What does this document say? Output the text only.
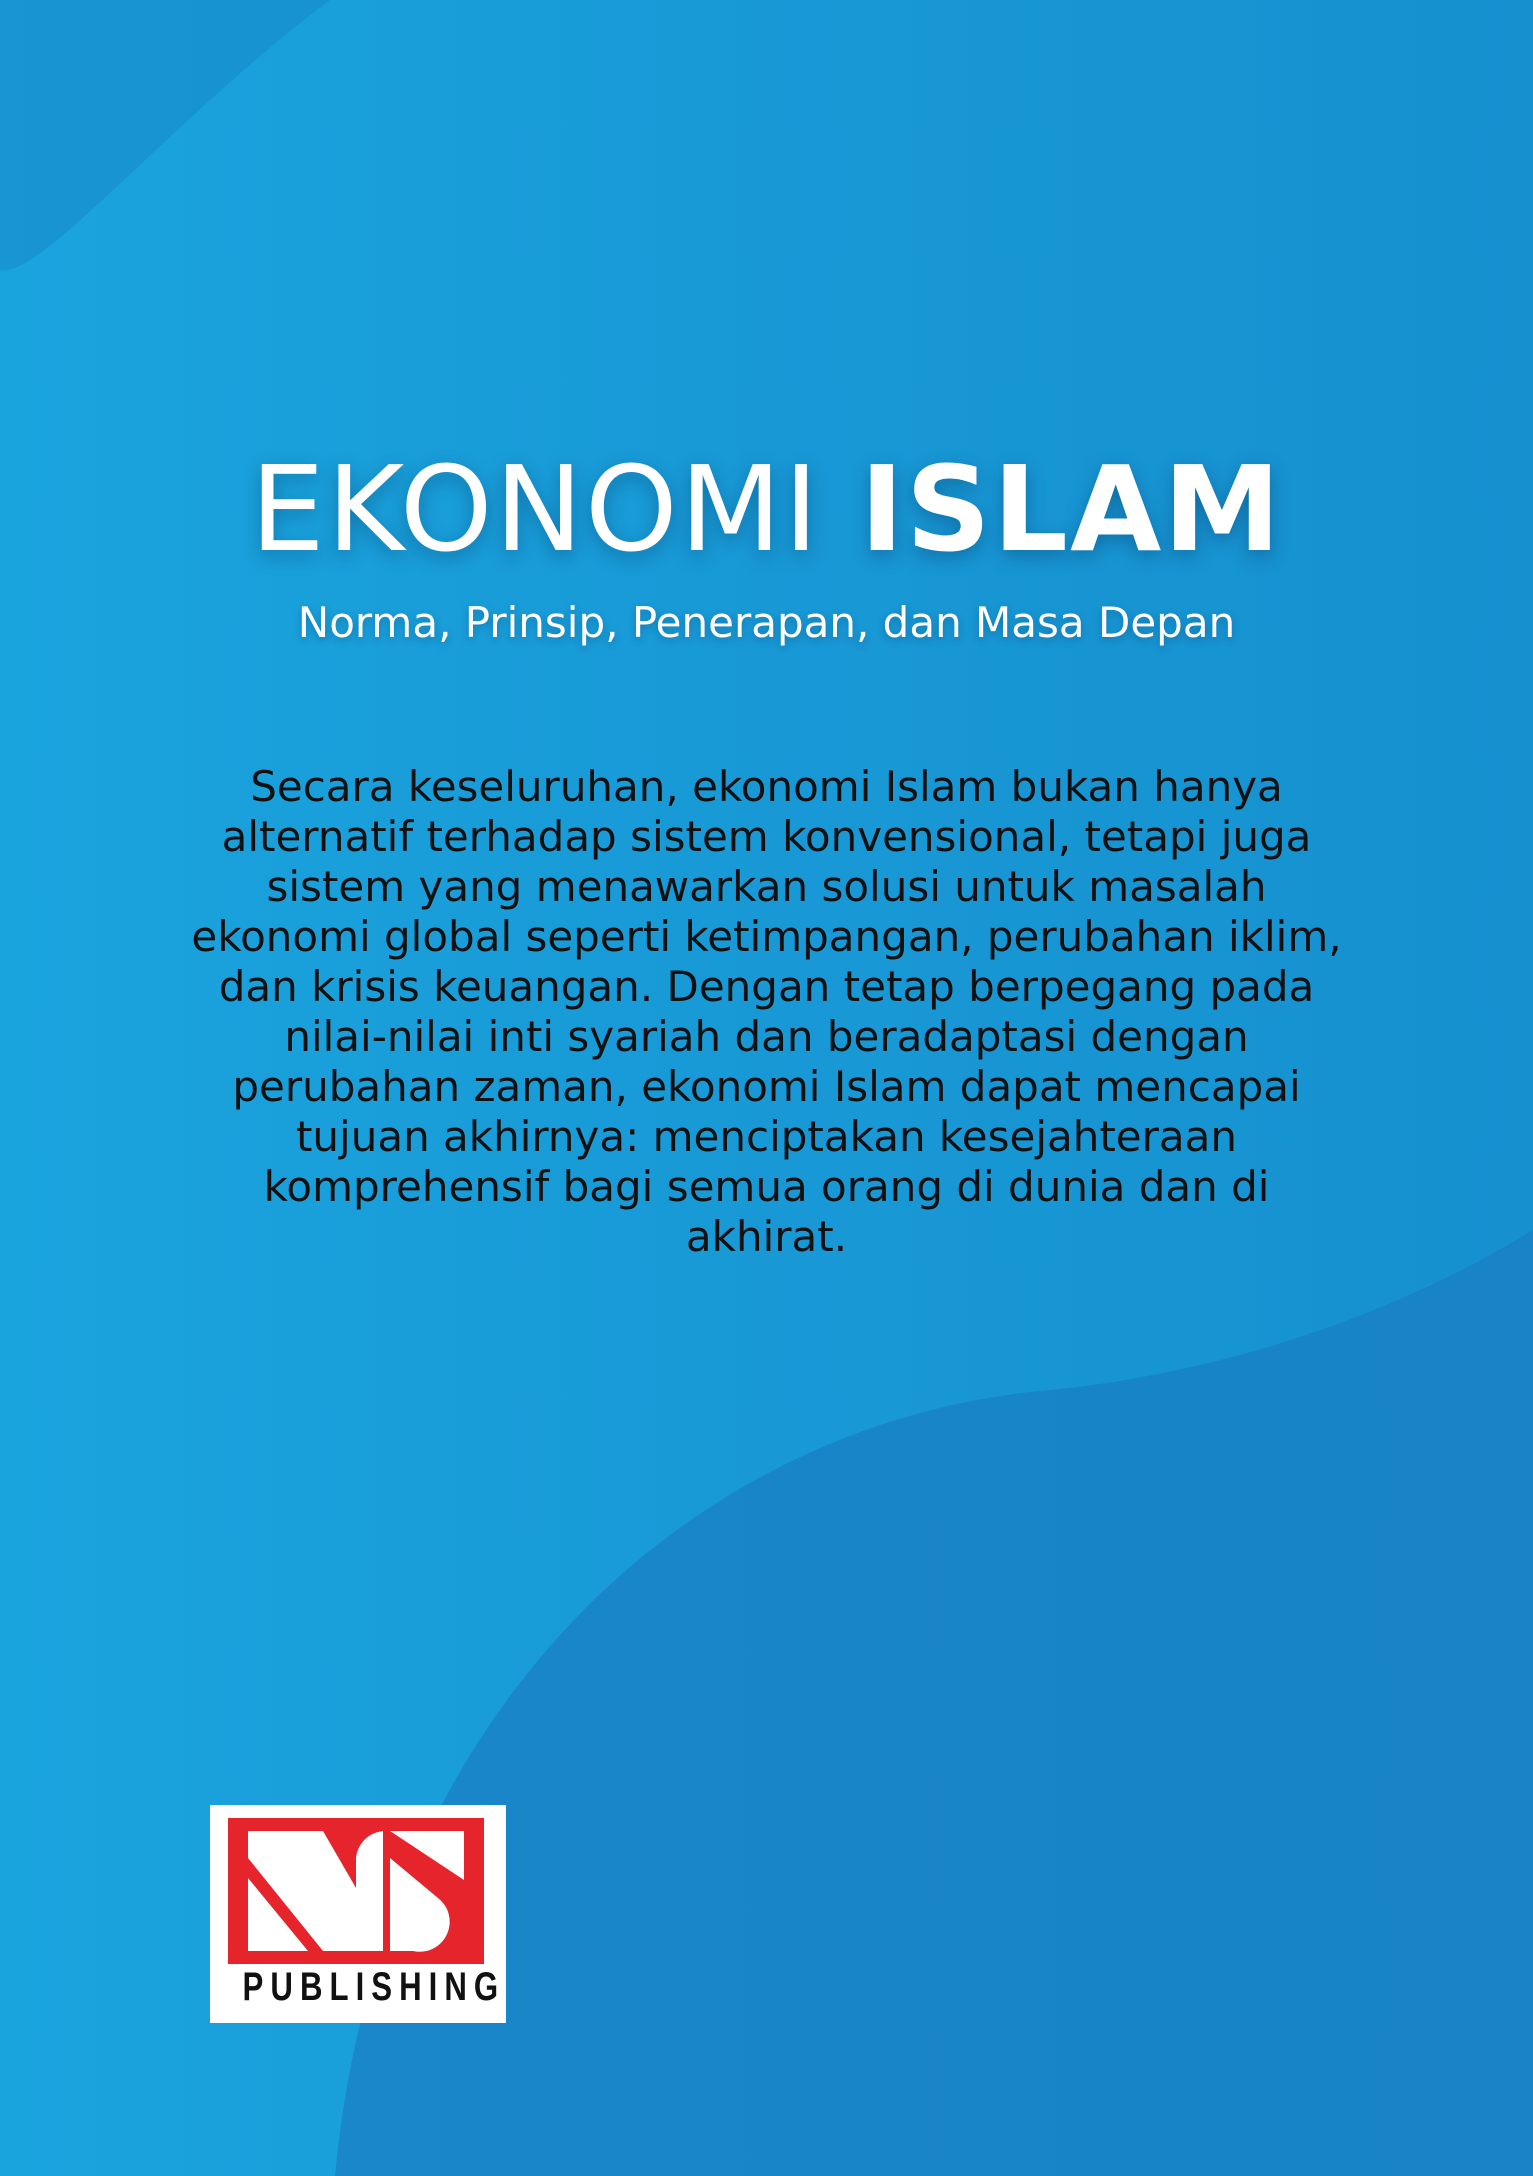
EKONOMI ISLAM
Norma, Prinsip, Penerapan, dan Masa Depan
Secara keseluruhan, ekonomi Islam bukan hanya
alternatif terhadap sistem konvensional, tetapi juga
sistem yang menawarkan solusi untuk masalah
ekonomi global seperti ketimpangan, perubahan iklim,
dan krisis keuangan. Dengan tetap berpegang pada
nilai-nilai inti syariah dan beradaptasi dengan
perubahan zaman, ekonomi Islam dapat mencapai
tujuan akhirnya: menciptakan kesejahteraan
komprehensif bagi semua orang di dunia dan di
akhirat.
PUBLISHING
